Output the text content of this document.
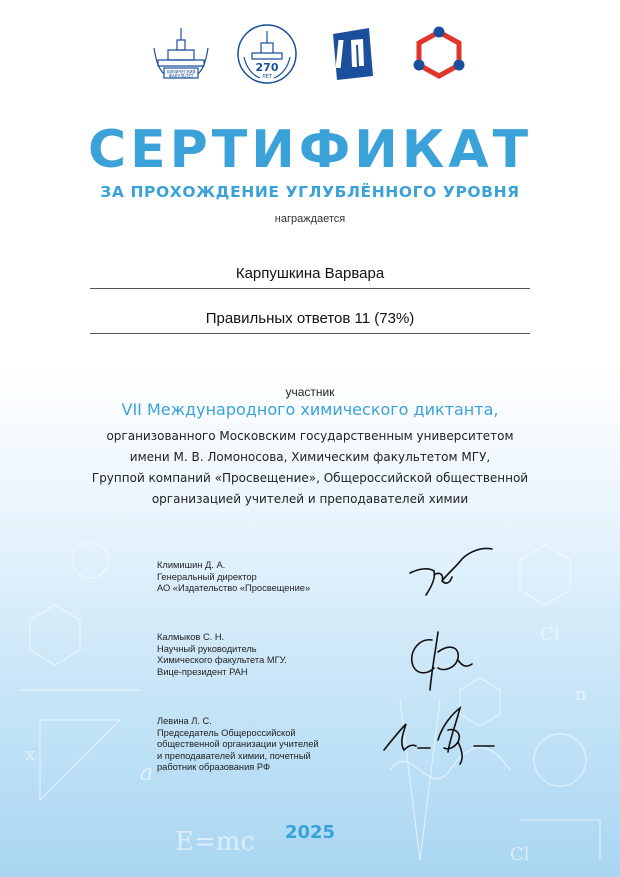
a
E=mc
Cl
Cl
x
n
ХИМИЧЕСКИЙ
ФАКУЛЬТЕТ
270
ЛЕТ
СЕРТИФИКАТ
ЗА ПРОХОЖДЕНИЕ УГЛУБЛЁННОГО УРОВНЯ
награждается
Карпушкина Варвара
Правильных ответов 11 (73%)
участник
VII Международного химического диктанта,
организованного Московским государственным университетом
имени М. В. Ломоносова, Химическим факультетом МГУ,
Группой компаний «Просвещение», Общероссийской общественной
организацией учителей и преподавателей химии
Климишин Д. А.
Генеральный директор
АО «Издательство «Просвещение»
Калмыков С. Н.
Научный руководитель
Химического факультета МГУ.
Вице-президент РАН
Левина Л. С.
Председатель Общероссийской
общественной организации учителей
и преподавателей химии, почетный
работник образования РФ
2025
